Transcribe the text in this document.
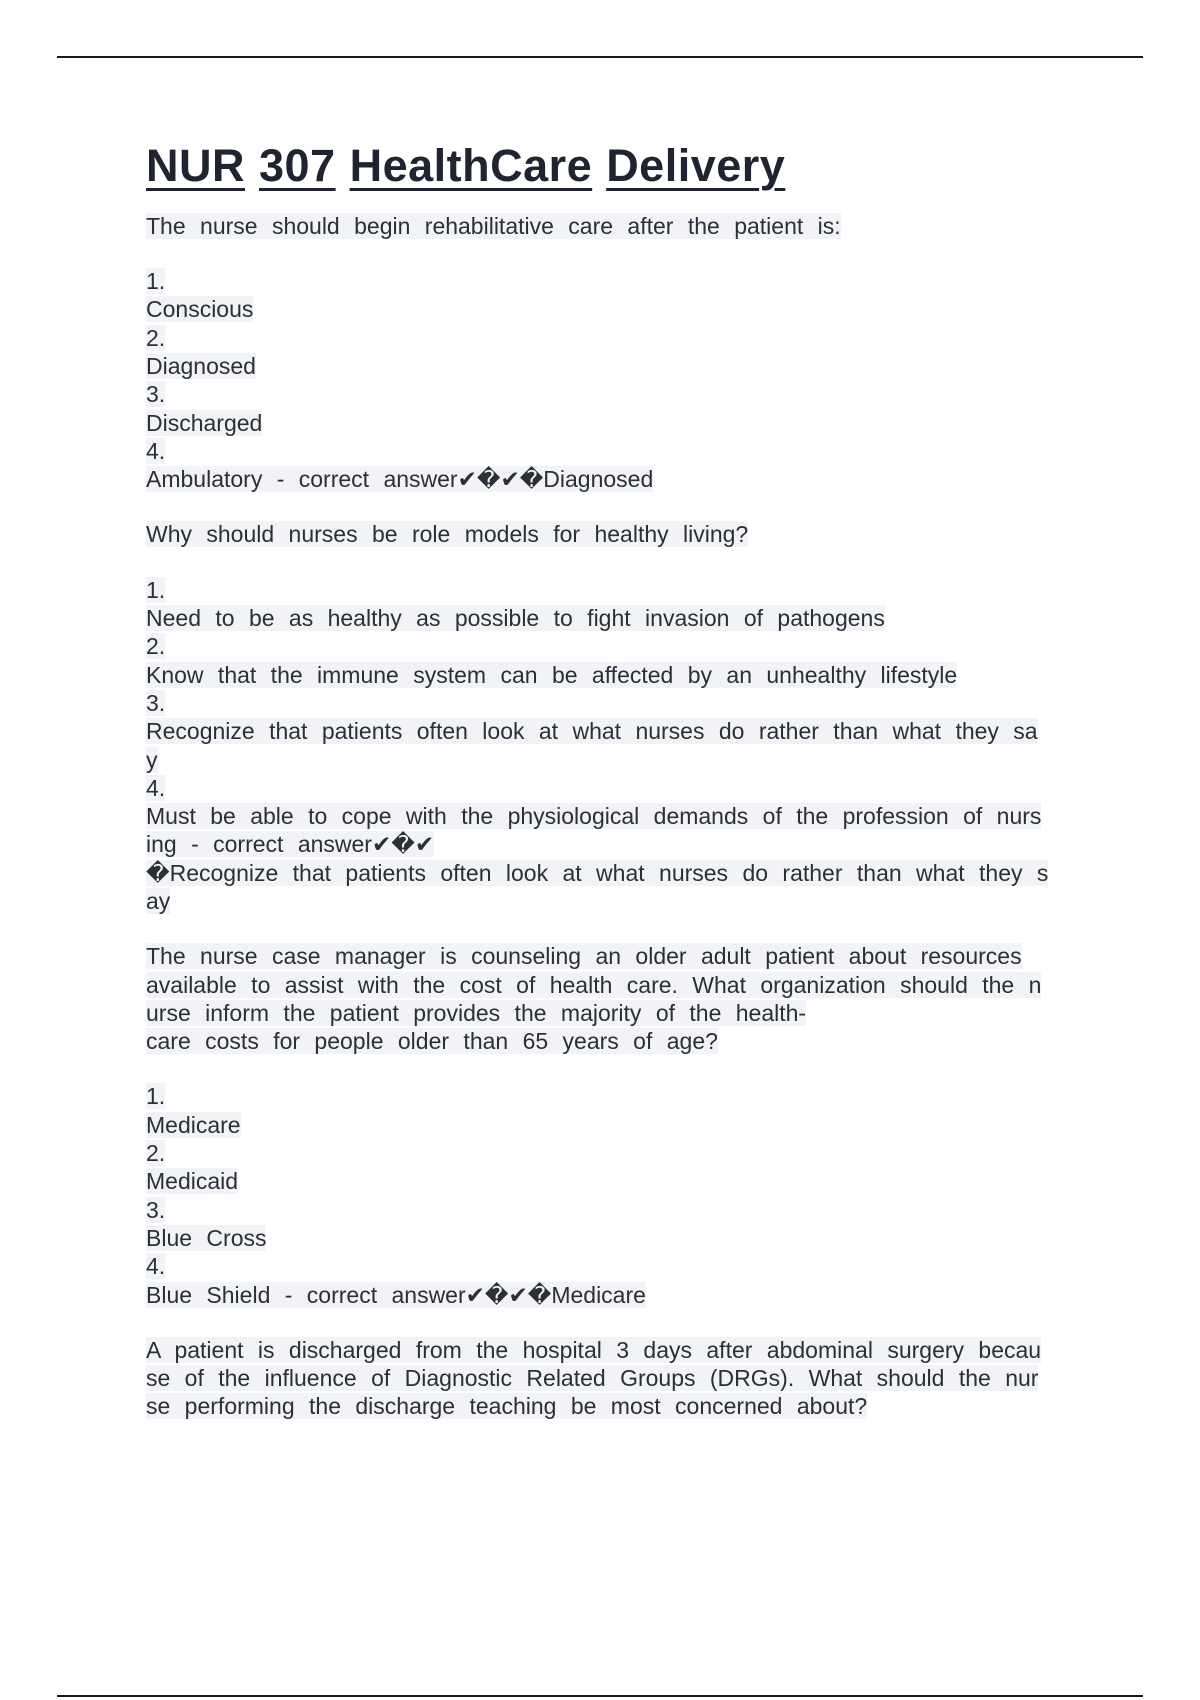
NUR 307 HealthCare Delivery
The nurse should begin rehabilitative care after the patient is:
1.
Conscious
2.
Diagnosed
3.
Discharged
4.
Ambulatory - correct answer✔�✔�Diagnosed
Why should nurses be role models for healthy living?
1.
Need to be as healthy as possible to fight invasion of pathogens
2.
Know that the immune system can be affected by an unhealthy lifestyle
3.
Recognize that patients often look at what nurses do rather than what they sa
y
4.
Must be able to cope with the physiological demands of the profession of nurs
ing - correct answer✔�✔
�Recognize that patients often look at what nurses do rather than what they s
ay
The nurse case manager is counseling an older adult patient about resources
available to assist with the cost of health care. What organization should the n
urse inform the patient provides the majority of the health-
care costs for people older than 65 years of age?
1.
Medicare
2.
Medicaid
3.
Blue Cross
4.
Blue Shield - correct answer✔�✔�Medicare
A patient is discharged from the hospital 3 days after abdominal surgery becau
se of the influence of Diagnostic Related Groups (DRGs). What should the nur
se performing the discharge teaching be most concerned about?
